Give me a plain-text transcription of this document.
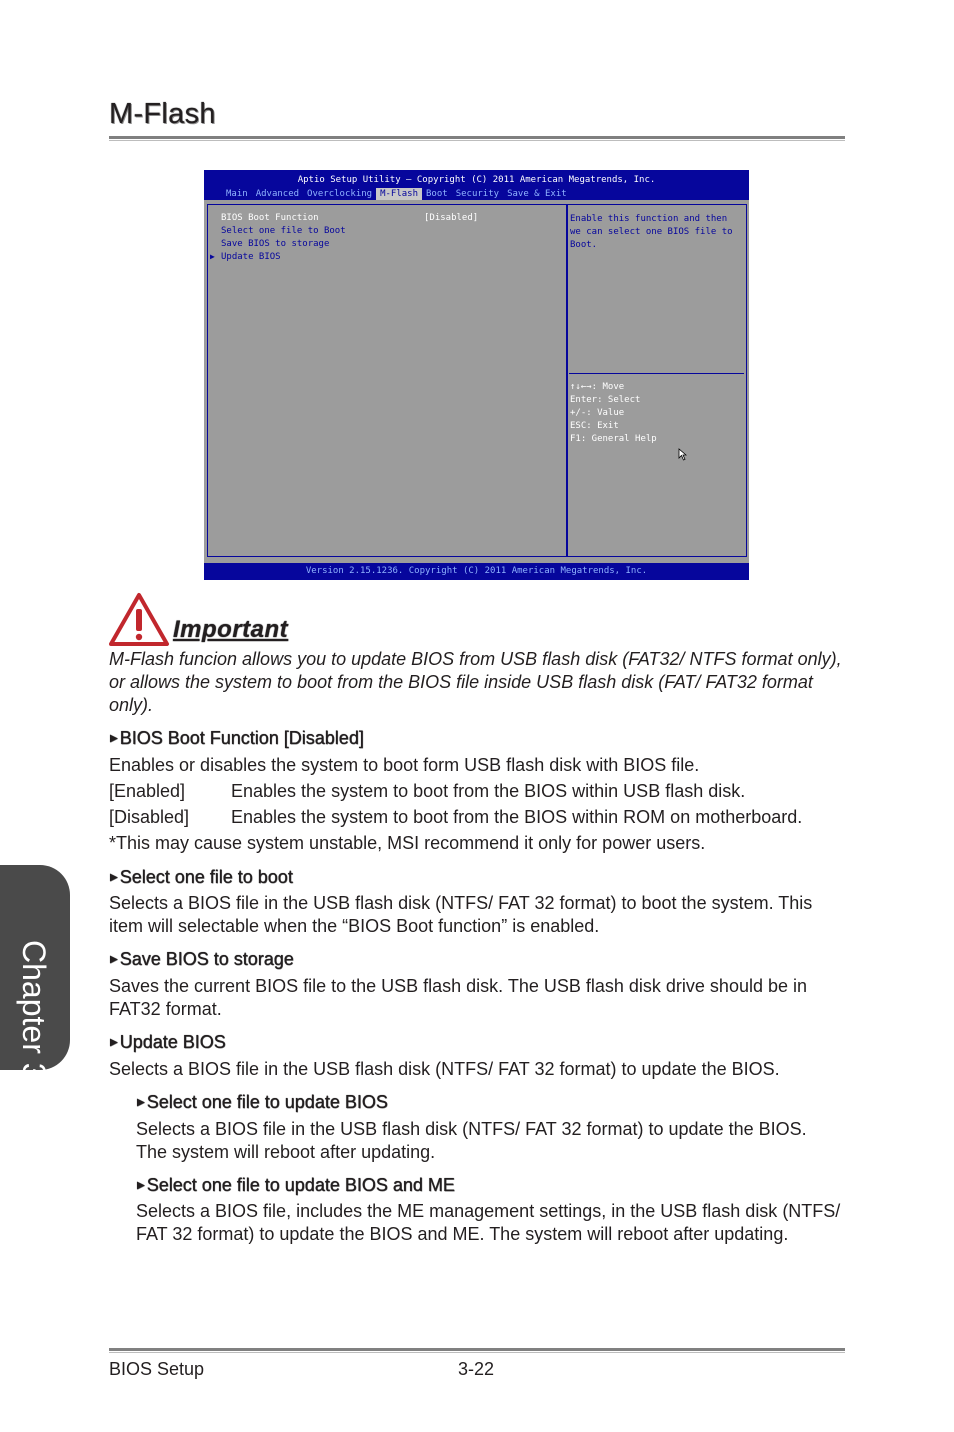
M-Flash
Aptio Setup Utility – Copyright (C) 2011 American Megatrends, Inc.
Main Advanced Overclocking M-Flash Boot Security Save & Exit
BIOS Boot Function	[Disabled]
Select one file to Boot
Save BIOS to storage
▶ Update BIOS
Enable this function and then we can select one BIOS file to Boot.
↑↓←→: Move
Enter: Select
+/-: Value
ESC: Exit
F1: General Help
Version 2.15.1236. Copyright (C) 2011 American Megatrends, Inc.
Important
M-Flash funcion allows you to update BIOS from USB flash disk (FAT32/ NTFS format only), or allows the system to boot from the BIOS file inside USB flash disk (FAT/ FAT32 format only).
▶ BIOS Boot Function [Disabled]
Enables or disables the system to boot form USB flash disk with BIOS file.
[Enabled]	Enables the system to boot from the BIOS within USB flash disk.
[Disabled] Enables the system to boot from the BIOS within ROM on motherboard.
*This may cause system unstable, MSI recommend it only for power users.
▶ Select one file to boot
Selects a BIOS file in the USB flash disk (NTFS/ FAT 32 format) to boot the system. This item will selectable when the “BIOS Boot function” is enabled.
▶ Save BIOS to storage
Saves the current BIOS file to the USB flash disk. The USB flash disk drive should be in FAT32 format.
▶ Update BIOS
Selects a BIOS file in the USB flash disk (NTFS/ FAT 32 format) to update the BIOS.
▶ Select one file to update BIOS
Selects a BIOS file in the USB flash disk (NTFS/ FAT 32 format) to update the BIOS. The system will reboot after updating.
▶ Select one file to update BIOS and ME
Selects a BIOS file, includes the ME management settings, in the USB flash disk (NTFS/ FAT 32 format) to update the BIOS and ME. The system will reboot after updating.
BIOS Setup	3-22
